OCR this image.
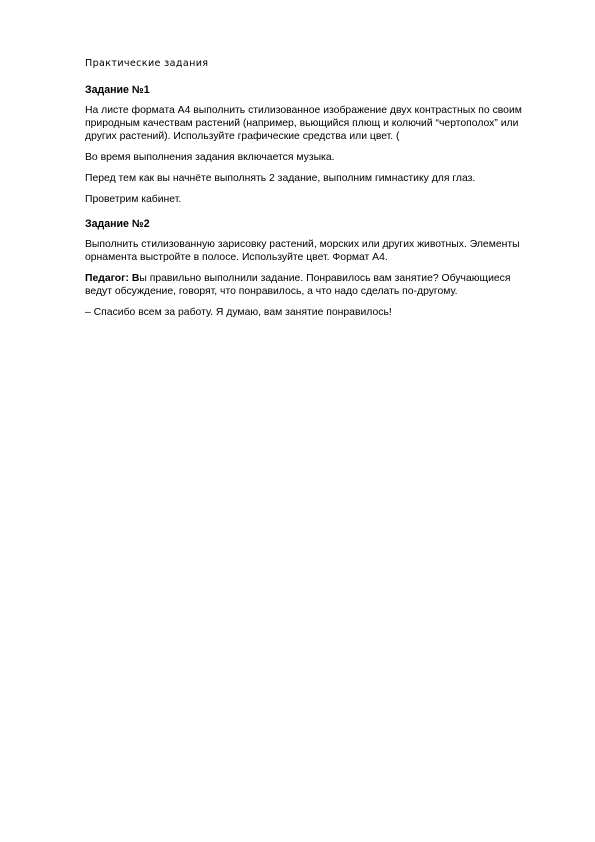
Практические задания
Задание №1

На листе формата А4 выполнить стилизованное изображение двух контрастных по своим природным качествам растений (например, вьющийся плющ и колючий “чертополох” или других растений). Используйте графические средства или цвет. (

Во время выполнения задания включается музыка.

Перед тем как вы начнёте выполнять 2 задание, выполним гимнастику для глаз.

Проветрим кабинет.

Задание №2

Выполнить стилизованную зарисовку растений, морских или других животных. Элементы орнамента выстройте в полосе. Используйте цвет. Формат А4.

Педагог: Вы правильно выполнили задание. Понравилось вам занятие? Обучающиеся ведут обсуждение, говорят, что понравилось, а что надо сделать по-другому.

– Спасибо всем за работу. Я думаю, вам занятие понравилось!
